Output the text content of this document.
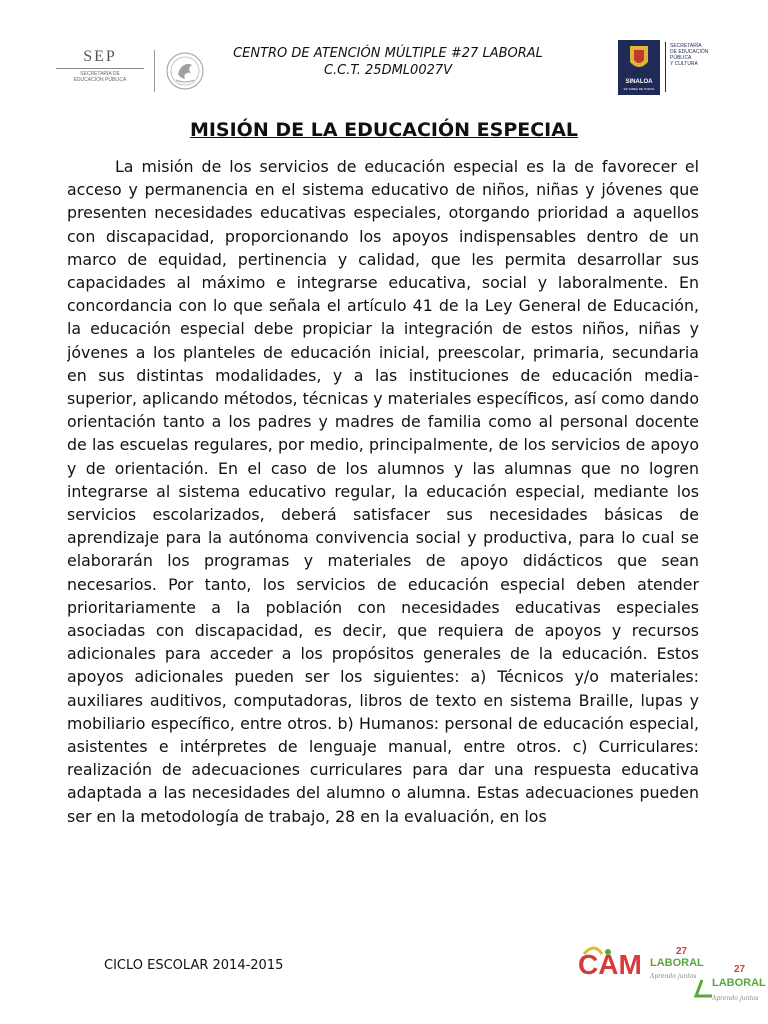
SEP
SECRETARÍA DE
EDUCACIÓN PÚBLICA
CENTRO DE ATENCIÓN MÚLTIPLE #27 LABORAL
C.C.T. 25DML0027V
SINALOA
ES TAREA DE TODOS
SECRETARÍA
DE EDUCACIÓN
PÚBLICA
Y CULTURA
MISIÓN DE LA EDUCACIÓN ESPECIAL

La misión de los servicios de educación especial es la de favorecer el acceso y permanencia en el sistema educativo de niños, niñas y jóvenes que presenten necesidades educativas especiales, otorgando prioridad a aquellos con discapacidad, proporcionando los apoyos indispensables dentro de un marco de equidad, pertinencia y calidad, que les permita desarrollar sus capacidades al máximo e integrarse educativa, social y laboralmente. En concordancia con lo que señala el artículo 41 de la Ley General de Educación, la educación especial debe propiciar la integración de estos niños, niñas y jóvenes a los planteles de educación inicial, preescolar, primaria, secundaria en sus distintas modalidades, y a las instituciones de educación media-superior, aplicando métodos, técnicas y materiales específicos, así como dando orientación tanto a los padres y madres de familia como al personal docente de las escuelas regulares, por medio, principalmente, de los servicios de apoyo y de orientación. En el caso de los alumnos y las alumnas que no logren integrarse al sistema educativo regular, la educación especial, mediante los servicios escolarizados, deberá satisfacer sus necesidades básicas de aprendizaje para la autónoma convivencia social y productiva, para lo cual se elaborarán los programas y materiales de apoyo didácticos que sean necesarios. Por tanto, los servicios de educación especial deben atender prioritariamente a la población con necesidades educativas especiales asociadas con discapacidad, es decir, que requiera de apoyos y recursos adicionales para acceder a los propósitos generales de la educación. Estos apoyos adicionales pueden ser los siguientes: a) Técnicos y/o materiales: auxiliares auditivos, computadoras, libros de texto en sistema Braille, lupas y mobiliario específico, entre otros. b) Humanos: personal de educación especial, asistentes e intérpretes de lenguaje manual, entre otros. c) Curriculares: realización de adecuaciones curriculares para dar una respuesta educativa adaptada a las necesidades del alumno o alumna. Estas adecuaciones pueden ser en la metodología de trabajo, 28 en la evaluación, en los

CICLO ESCOLAR 2014-2015	CAM	27
LABORAL
Aprendo juntos
27
LABORAL
Aprendo juntos
